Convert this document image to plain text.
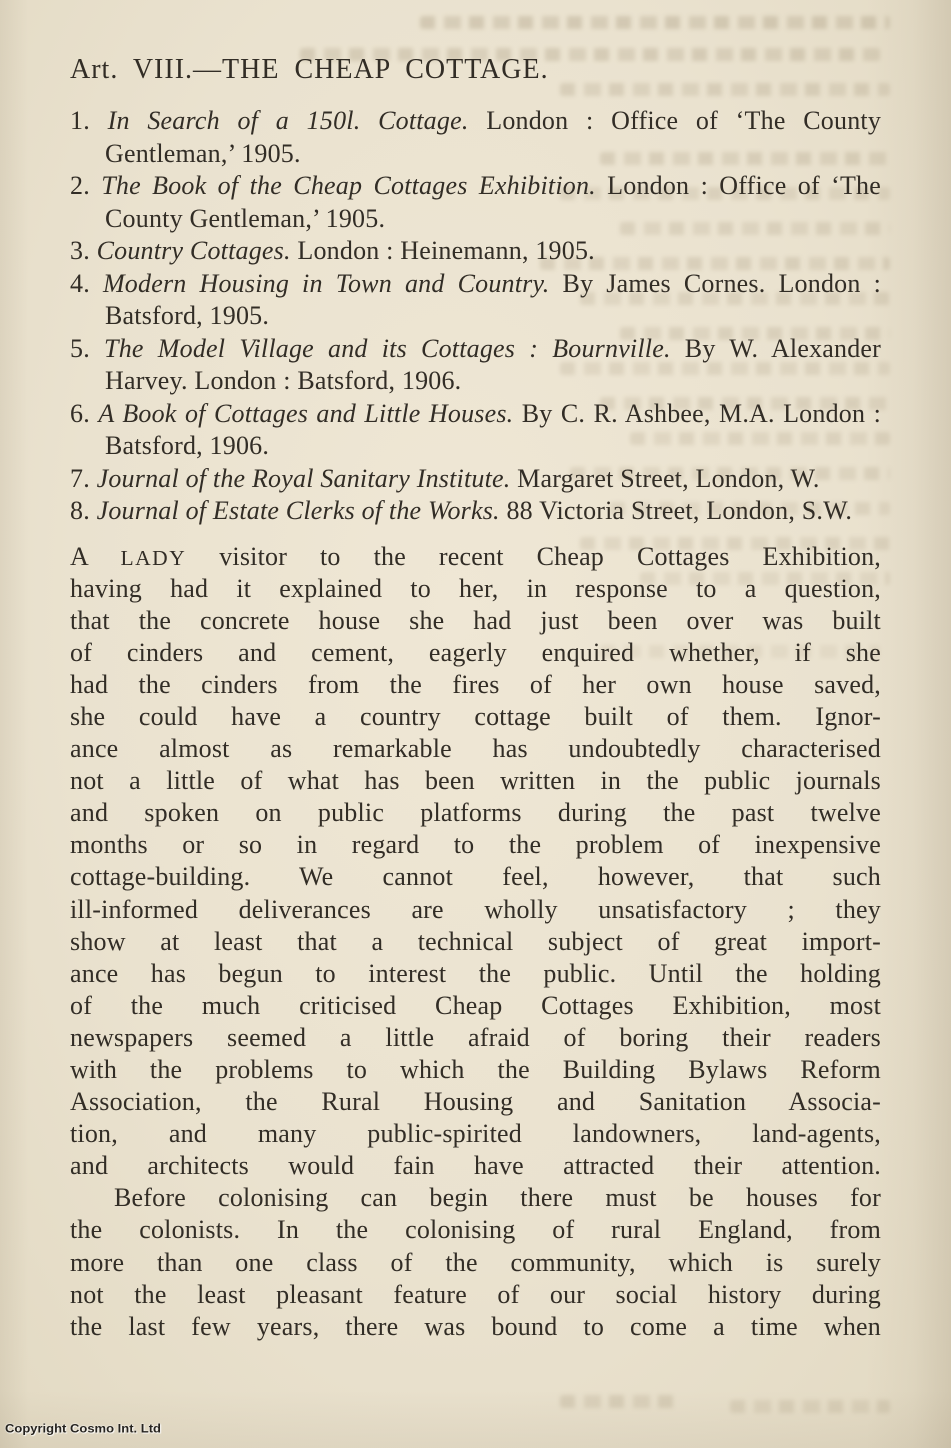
Art. VIII.—THE CHEAP COTTAGE.
1. In Search of a 150l. Cottage. London : Office of ‘The County Gentleman,’ 1905.
2. The Book of the Cheap Cottages Exhibition. London : Office of ‘The County Gentleman,’ 1905.
3. Country Cottages. London : Heinemann, 1905.
4. Modern Housing in Town and Country. By James Cornes. London : Batsford, 1905.
5. The Model Village and its Cottages : Bournville. By W. Alexander Harvey. London : Batsford, 1906.
6. A Book of Cottages and Little Houses. By C. R. Ashbee, M.A. London : Batsford, 1906.
7. Journal of the Royal Sanitary Institute. Margaret Street, London, W.
8. Journal of Estate Clerks of the Works. 88 Victoria Street, London, S.W.
A LADY visitor to the recent Cheap Cottages Exhibition,
having had it explained to her, in response to a question,
that the concrete house she had just been over was built
of cinders and cement, eagerly enquired whether, if she
had the cinders from the fires of her own house saved,
she could have a country cottage built of them. Ignor-
ance almost as remarkable has undoubtedly characterised
not a little of what has been written in the public journals
and spoken on public platforms during the past twelve
months or so in regard to the problem of inexpensive
cottage-building. We cannot feel, however, that such
ill-informed deliverances are wholly unsatisfactory ; they
show at least that a technical subject of great import-
ance has begun to interest the public. Until the holding
of the much criticised Cheap Cottages Exhibition, most
newspapers seemed a little afraid of boring their readers
with the problems to which the Building Bylaws Reform
Association, the Rural Housing and Sanitation Associa-
tion, and many public-spirited landowners, land-agents,
and architects would fain have attracted their attention.
Before colonising can begin there must be houses for
the colonists. In the colonising of rural England, from
more than one class of the community, which is surely
not the least pleasant feature of our social history during
the last few years, there was bound to come a time when
Copyright Cosmo Int. Ltd
